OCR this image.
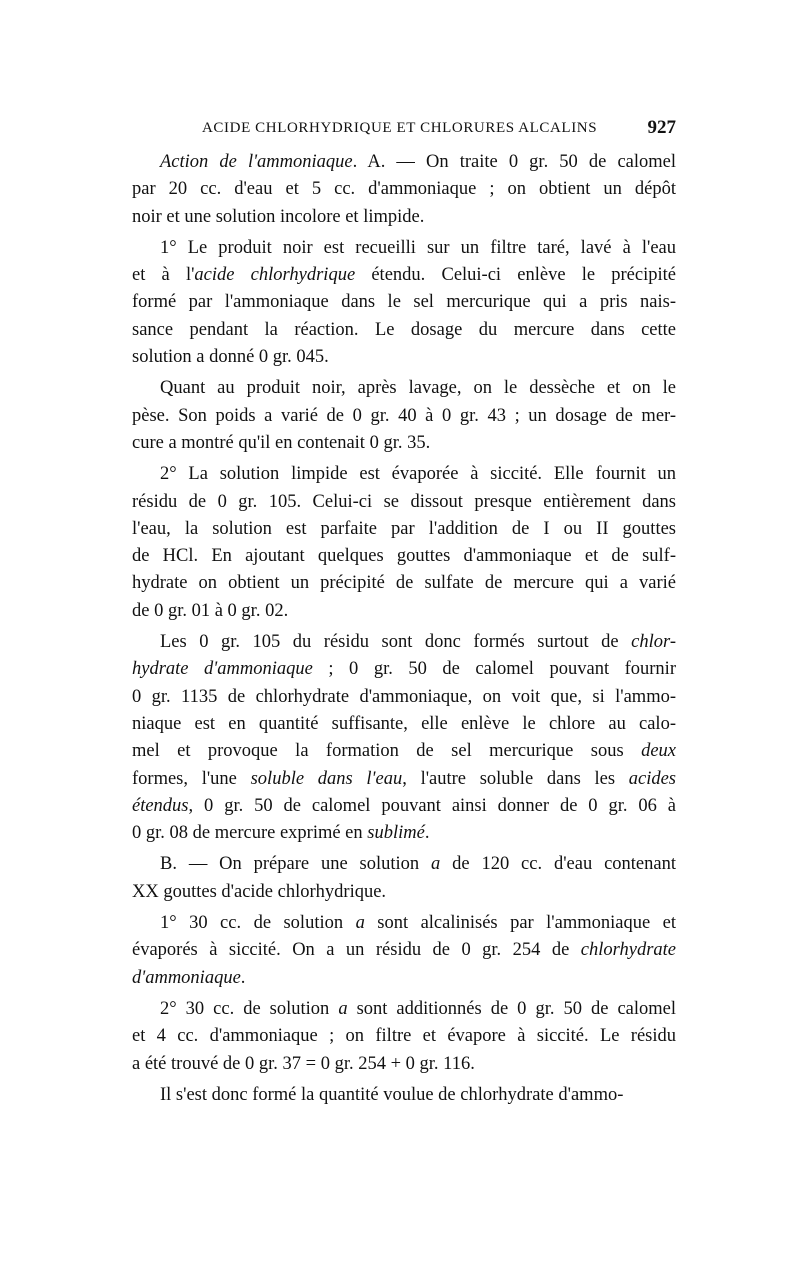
ACIDE CHLORHYDRIQUE ET CHLORURES ALCALINS	927
Action de l'ammoniaque. A. — On traite 0 gr. 50 de calomel
par 20 cc. d'eau et 5 cc. d'ammoniaque ; on obtient un dépôt
noir et une solution incolore et limpide.
1° Le produit noir est recueilli sur un filtre taré, lavé à l'eau
et à l'acide chlorhydrique étendu. Celui-ci enlève le précipité
formé par l'ammoniaque dans le sel mercurique qui a pris nais-
sance pendant la réaction. Le dosage du mercure dans cette
solution a donné 0 gr. 045.
Quant au produit noir, après lavage, on le dessèche et on le
pèse. Son poids a varié de 0 gr. 40 à 0 gr. 43 ; un dosage de mer-
cure a montré qu'il en contenait 0 gr. 35.
2° La solution limpide est évaporée à siccité. Elle fournit un
résidu de 0 gr. 105. Celui-ci se dissout presque entièrement dans
l'eau, la solution est parfaite par l'addition de I ou II gouttes
de HCl. En ajoutant quelques gouttes d'ammoniaque et de sulf-
hydrate on obtient un précipité de sulfate de mercure qui a varié
de 0 gr. 01 à 0 gr. 02.
Les 0 gr. 105 du résidu sont donc formés surtout de chlor-
hydrate d'ammoniaque ; 0 gr. 50 de calomel pouvant fournir
0 gr. 1135 de chlorhydrate d'ammoniaque, on voit que, si l'ammo-
niaque est en quantité suffisante, elle enlève le chlore au calo-
mel et provoque la formation de sel mercurique sous deux
formes, l'une soluble dans l'eau, l'autre soluble dans les acides
étendus, 0 gr. 50 de calomel pouvant ainsi donner de 0 gr. 06 à
0 gr. 08 de mercure exprimé en sublimé.
B. — On prépare une solution a de 120 cc. d'eau contenant
XX gouttes d'acide chlorhydrique.
1° 30 cc. de solution a sont alcalinisés par l'ammoniaque et
évaporés à siccité. On a un résidu de 0 gr. 254 de chlorhydrate
d'ammoniaque.
2° 30 cc. de solution a sont additionnés de 0 gr. 50 de calomel
et 4 cc. d'ammoniaque ; on filtre et évapore à siccité. Le résidu
a été trouvé de 0 gr. 37 = 0 gr. 254 + 0 gr. 116.
Il s'est donc formé la quantité voulue de chlorhydrate d'ammo-
